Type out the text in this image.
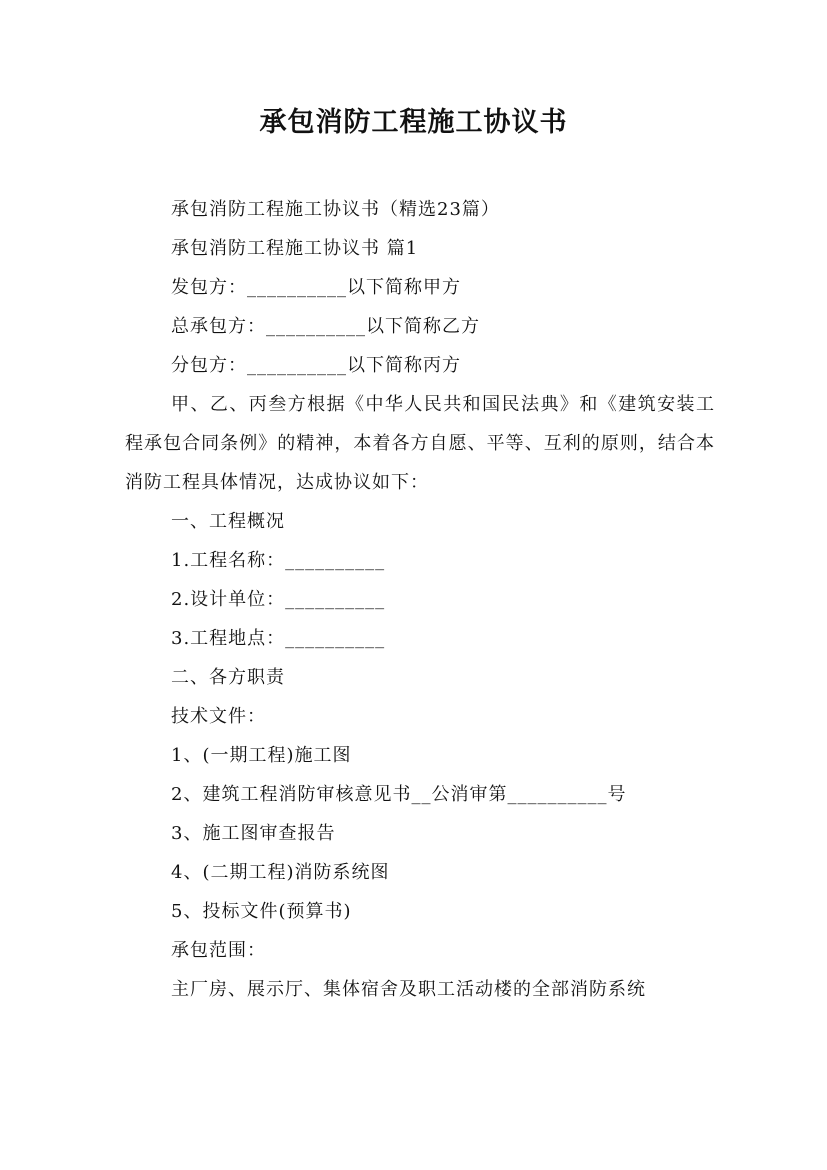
承包消防工程施工协议书

承包消防工程施工协议书（精选23篇）

承包消防工程施工协议书 篇1

发包方：__________以下简称甲方

总承包方：__________以下简称乙方

分包方：__________以下简称丙方

甲、乙、丙叁方根据《中华人民共和国民法典》和《建筑安装工程承包合同条例》的精神，本着各方自愿、平等、互利的原则，结合本消防工程具体情况，达成协议如下：

一、工程概况

1.工程名称：__________

2.设计单位：__________

3.工程地点：__________

二、各方职责

技术文件：

1、(一期工程)施工图

2、建筑工程消防审核意见书__公消审第__________号

3、施工图审查报告

4、(二期工程)消防系统图

5、投标文件(预算书)

承包范围：

主厂房、展示厅、集体宿舍及职工活动楼的全部消防系统
